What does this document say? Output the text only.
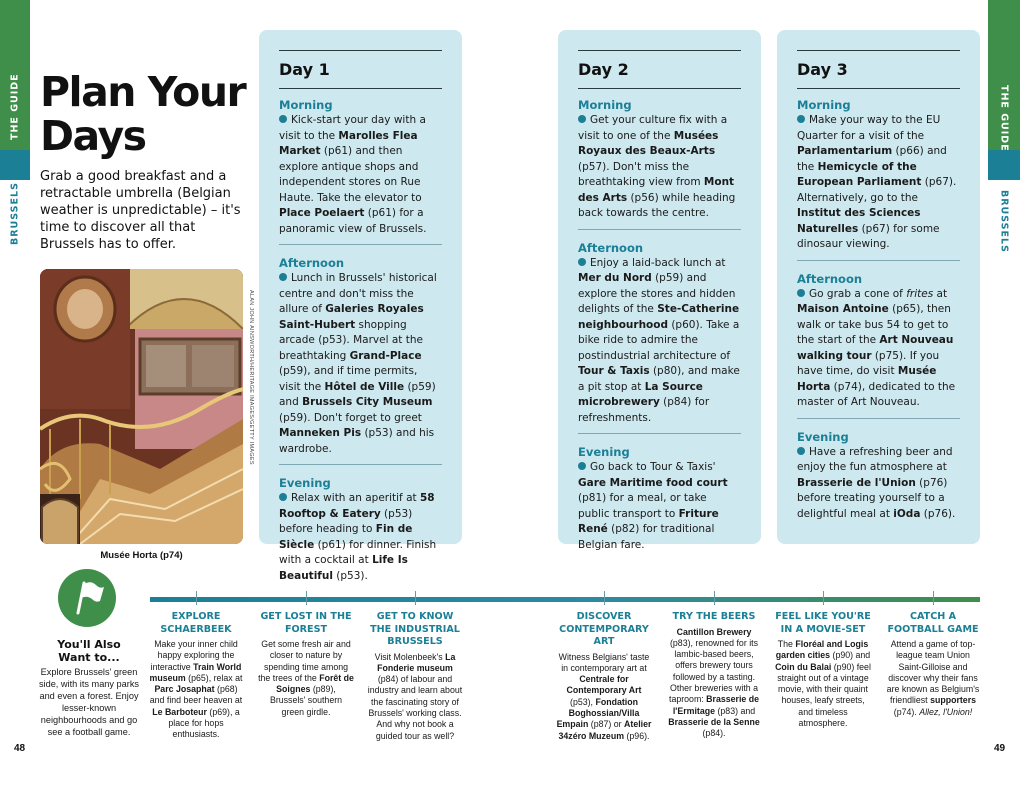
THE GUIDE
BRUSSELS
THE GUIDE
BRUSSELS
Plan Your
Days

Grab a good breakfast and a retractable umbrella (Belgian weather is unpredictable) – it's time to discover all that Brussels has to offer.

ALAN JOHN AINSWORTH/HERITAGE IMAGES/GETTY IMAGES
Musée Horta (p74)
Day 1
Morning
Kick-start your day with a visit to the Marolles Flea Market (p61) and then explore antique shops and independent stores on Rue Haute. Take the elevator to Place Poelaert (p61) for a panoramic view of Brussels.
Afternoon
Lunch in Brussels' historical centre and don't miss the allure of Galeries Royales Saint-Hubert shopping arcade (p53). Marvel at the breathtaking Grand-Place (p59), and if time permits, visit the Hôtel de Ville (p59) and Brussels City Museum (p59). Don't forget to greet Manneken Pis (p53) and his wardrobe.
Evening
Relax with an aperitif at 58 Rooftop & Eatery (p53) before heading to Fin de Siècle (p61) for dinner. Finish with a cocktail at Life Is Beautiful (p53).
Day 2
Morning
Get your culture fix with a visit to one of the Musées Royaux des Beaux-Arts (p57). Don't miss the breathtaking view from Mont des Arts (p56) while heading back towards the centre.
Afternoon
Enjoy a laid-back lunch at Mer du Nord (p59) and explore the stores and hidden delights of the Ste-Catherine neighbourhood (p60). Take a bike ride to admire the postindustrial architecture of Tour & Taxis (p80), and make a pit stop at La Source microbrewery (p84) for refreshments.
Evening
Go back to Tour & Taxis' Gare Maritime food court (p81) for a meal, or take public transport to Friture René (p82) for traditional Belgian fare.
Day 3
Morning
Make your way to the EU Quarter for a visit of the Parlamentarium (p66) and the Hemicycle of the European Parliament (p67). Alternatively, go to the Institut des Sciences Naturelles (p67) for some dinosaur viewing.
Afternoon
Go grab a cone of frites at Maison Antoine (p65), then walk or take bus 54 to get to the start of the Art Nouveau walking tour (p75). If you have time, do visit Musée Horta (p74), dedicated to the master of Art Nouveau.
Evening
Have a refreshing beer and enjoy the fun atmosphere at Brasserie de l'Union (p76) before treating yourself to a delightful meal at iOda (p76).
You'll Also Want to...
Explore Brussels' green side, with its many parks and even a forest. Enjoy lesser-known neighbourhoods and go see a football game.
EXPLORE SCHAERBEEK
Make your inner child happy exploring the interactive Train World museum (p65), relax at Parc Josaphat (p68) and find beer heaven at Le Barboteur (p69), a place for hops enthusiasts.
GET LOST IN THE FOREST
Get some fresh air and closer to nature by spending time among the trees of the Forêt de Soignes (p89), Brussels' southern green girdle.
GET TO KNOW THE INDUSTRIAL BRUSSELS
Visit Molenbeek's La Fonderie museum (p84) of labour and industry and learn about the fascinating story of Brussels' working class. And why not book a guided tour as well?
DISCOVER CONTEMPORARY ART
Witness Belgians' taste in contemporary art at Centrale for Contemporary Art (p53), Fondation Boghossian/Villa Empain (p87) or Atelier 34zéro Muzeum (p96).
TRY THE BEERS
Cantillon Brewery (p83), renowned for its lambic-based beers, offers brewery tours followed by a tasting. Other breweries with a taproom: Brasserie de l'Ermitage (p83) and Brasserie de la Senne (p84).
FEEL LIKE YOU'RE IN A MOVIE-SET
The Floréal and Logis garden cities (p90) and Coin du Balai (p90) feel straight out of a vintage movie, with their quaint houses, leafy streets, and timeless atmosphere.
CATCH A FOOTBALL GAME
Attend a game of top-league team Union Saint-Gilloise and discover why their fans are known as Belgium's friendliest supporters (p74). Allez, l'Union!
48	49
